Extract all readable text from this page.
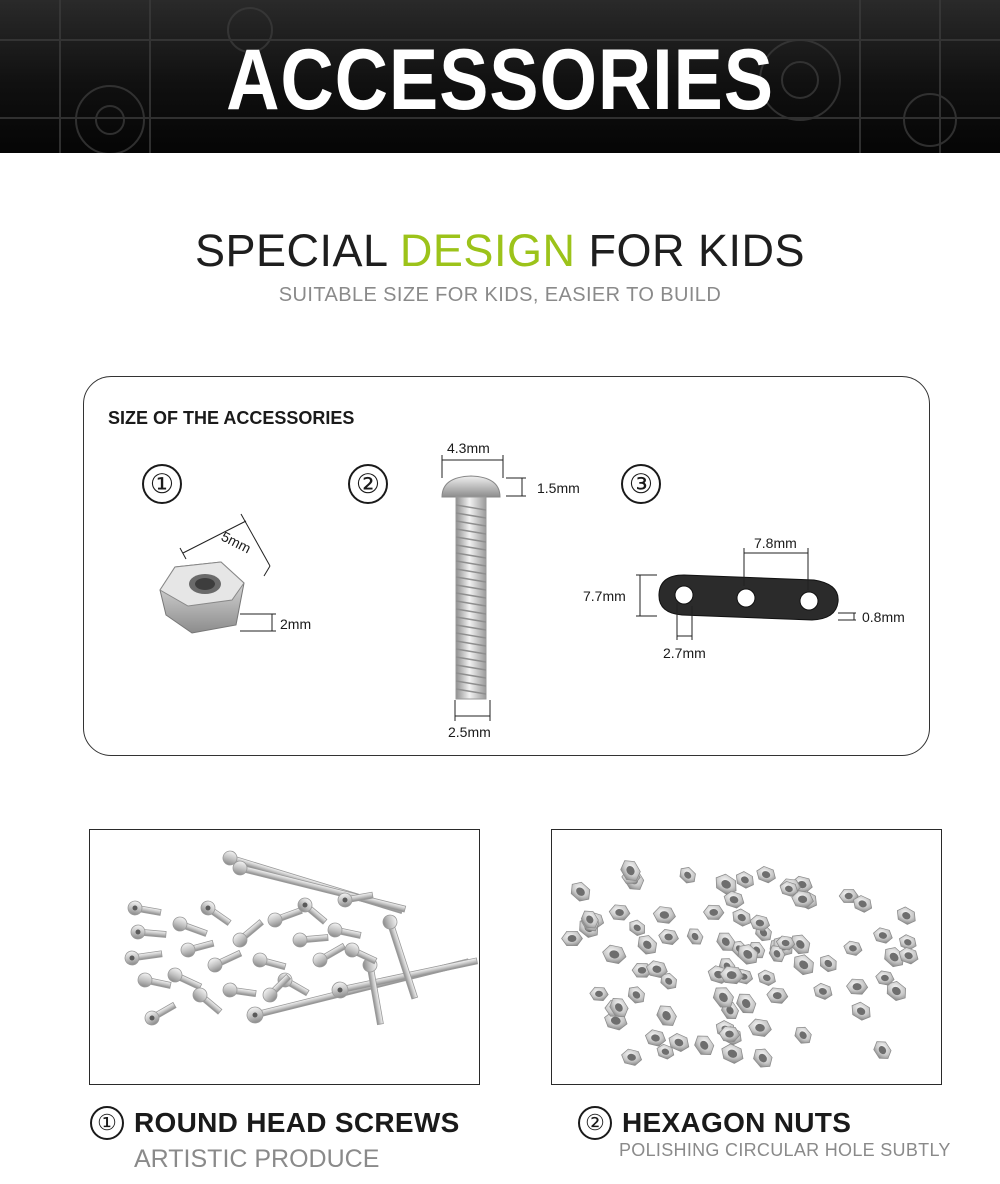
ACCESSORIES
SPECIAL DESIGN FOR KIDS
SUITABLE SIZE FOR KIDS, EASIER TO BUILD
SIZE OF THE ACCESSORIES
①	②	③
5mm
2mm
4.3mm
1.5mm
2.5mm
7.8mm
7.7mm
0.8mm
2.7mm
① ROUND HEAD SCREWS
ARTISTIC PRODUCE
② HEXAGON NUTS
POLISHING CIRCULAR HOLE SUBTLY
